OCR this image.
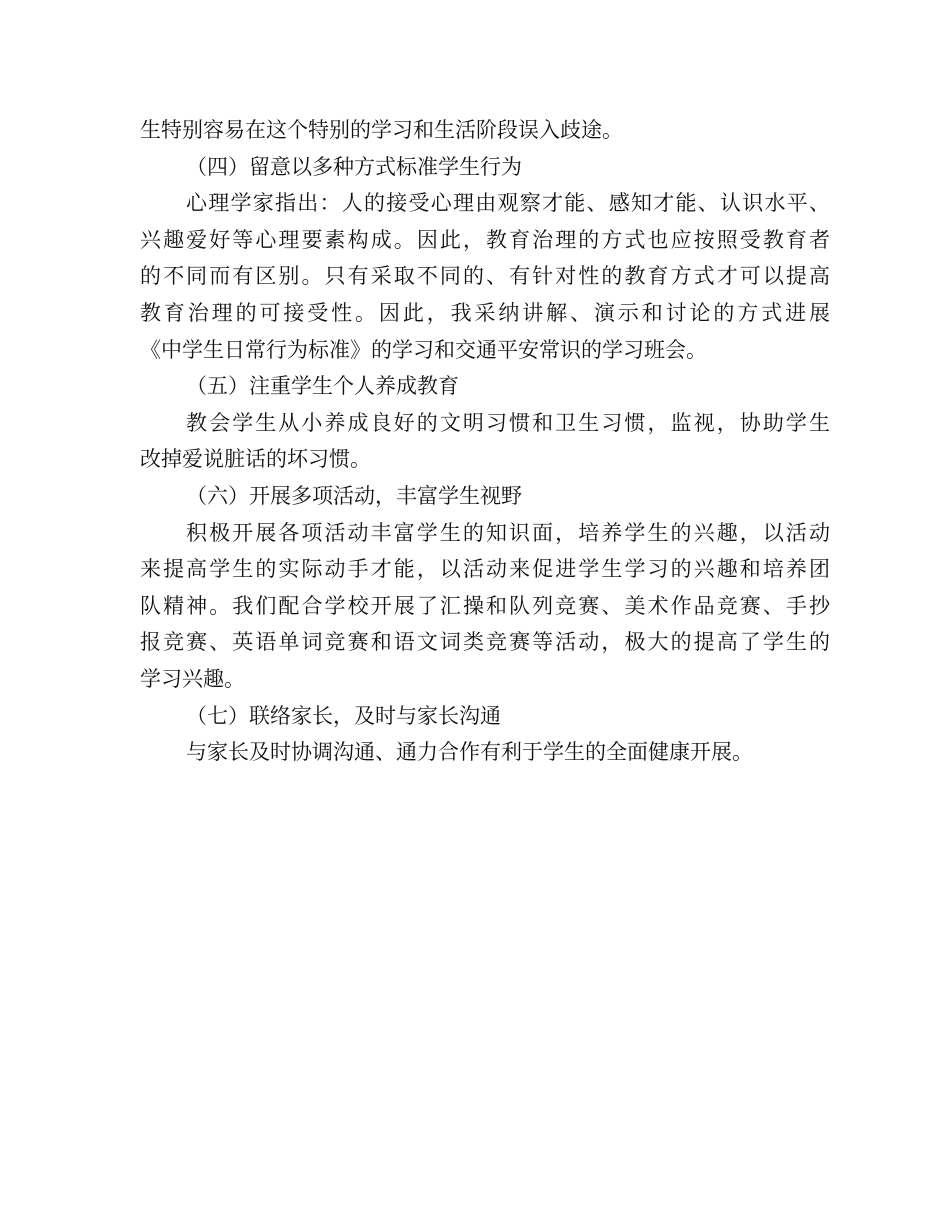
生特别容易在这个特别的学习和生活阶段误入歧途。
（四）留意以多种方式标准学生行为
心理学家指出：人的接受心理由观察才能、感知才能、认识水平、
兴趣爱好等心理要素构成。因此，教育治理的方式也应按照受教育者
的不同而有区别。只有采取不同的、有针对性的教育方式才可以提高
教育治理的可接受性。因此，我采纳讲解、演示和讨论的方式进展
《中学生日常行为标准》的学习和交通平安常识的学习班会。
（五）注重学生个人养成教育
教会学生从小养成良好的文明习惯和卫生习惯，监视，协助学生
改掉爱说脏话的坏习惯。
（六）开展多项活动，丰富学生视野
积极开展各项活动丰富学生的知识面，培养学生的兴趣，以活动
来提高学生的实际动手才能，以活动来促进学生学习的兴趣和培养团
队精神。我们配合学校开展了汇操和队列竞赛、美术作品竞赛、手抄
报竞赛、英语单词竞赛和语文词类竞赛等活动，极大的提高了学生的
学习兴趣。
（七）联络家长，及时与家长沟通
与家长及时协调沟通、通力合作有利于学生的全面健康开展。
